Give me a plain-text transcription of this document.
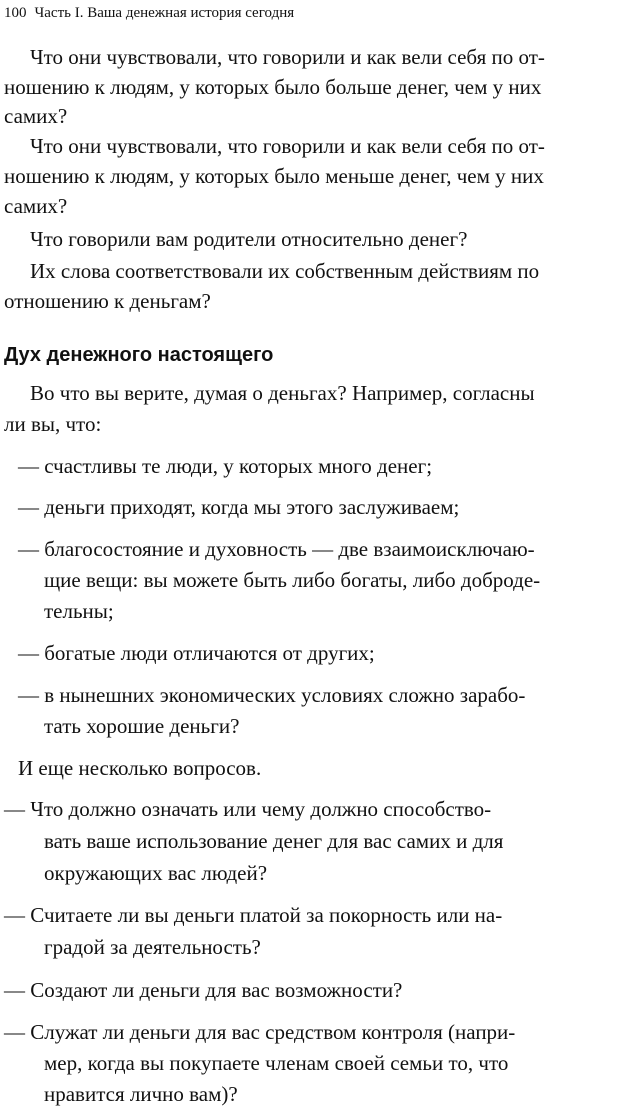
100 Часть I. Ваша денежная история сегодня
Что они чувствовали, что говорили и как вели себя по от-
ношению к людям, у которых было больше денег, чем у них
самих?
Что они чувствовали, что говорили и как вели себя по от-
ношению к людям, у которых было меньше денег, чем у них
самих?
Что говорили вам родители относительно денег?
Их слова соответствовали их собственным действиям по
отношению к деньгам?
Дух денежного настоящего
Во что вы верите, думая о деньгах? Например, согласны
ли вы, что:
— счастливы те люди, у которых много денег;
— деньги приходят, когда мы этого заслуживаем;
— благосостояние и духовность — две взаимоисключаю-
щие вещи: вы можете быть либо богаты, либо доброде-
тельны;
— богатые люди отличаются от других;
— в нынешних экономических условиях сложно зарабо-
тать хорошие деньги?
И еще несколько вопросов.
— Что должно означать или чему должно способство-
вать ваше использование денег для вас самих и для
окружающих вас людей?
— Считаете ли вы деньги платой за покорность или на-
градой за деятельность?
— Создают ли деньги для вас возможности?
— Служат ли деньги для вас средством контроля (напри-
мер, когда вы покупаете членам своей семьи то, что
нравится лично вам)?
